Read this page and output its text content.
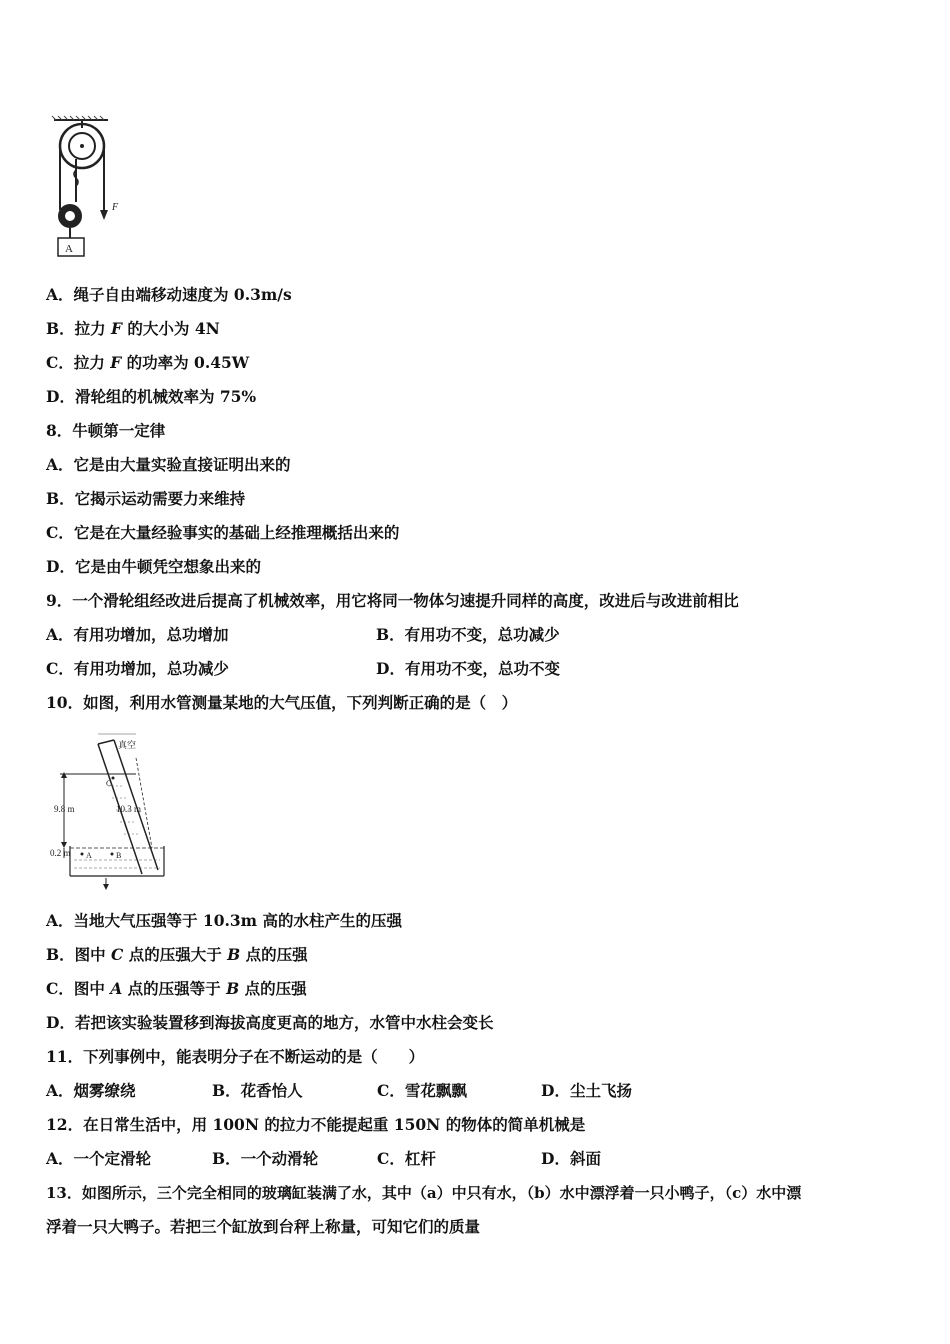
A
F
A．绳子自由端移动速度为 0.3m/s
B．拉力 F 的大小为 4N
C．拉力 F 的功率为 0.45W
D．滑轮组的机械效率为 75%
8．牛顿第一定律
A．它是由大量实验直接证明出来的
B．它揭示运动需要力来维持
C．它是在大量经验事实的基础上经推理概括出来的
D．它是由牛顿凭空想象出来的
9．一个滑轮组经改进后提高了机械效率，用它将同一物体匀速提升同样的高度，改进后与改进前相比
A．有用功增加，总功增加	B．有用功不变，总功减少
C．有用功增加，总功减少	D．有用功不变，总功不变
10．如图，利用水管测量某地的大气压值，下列判断正确的是（　）
真空
9.8 m	10.3 m
C
0.2 m A	B
A．当地大气压强等于 10.3m 高的水柱产生的压强
B．图中 C 点的压强大于 B 点的压强
C．图中 A 点的压强等于 B 点的压强
D．若把该实验装置移到海拔高度更高的地方，水管中水柱会变长
11．下列事例中，能表明分子在不断运动的是（　　）
A．烟雾缭绕	B．花香怡人	C．雪花飘飘	D．尘土飞扬
12．在日常生活中，用 100N 的拉力不能提起重 150N 的物体的简单机械是
A．一个定滑轮	B．一个动滑轮	C．杠杆	D．斜面
13．如图所示，三个完全相同的玻璃缸装满了水，其中（a）中只有水，（b）水中漂浮着一只小鸭子，（c）水中漂
浮着一只大鸭子。若把三个缸放到台秤上称量，可知它们的质量
